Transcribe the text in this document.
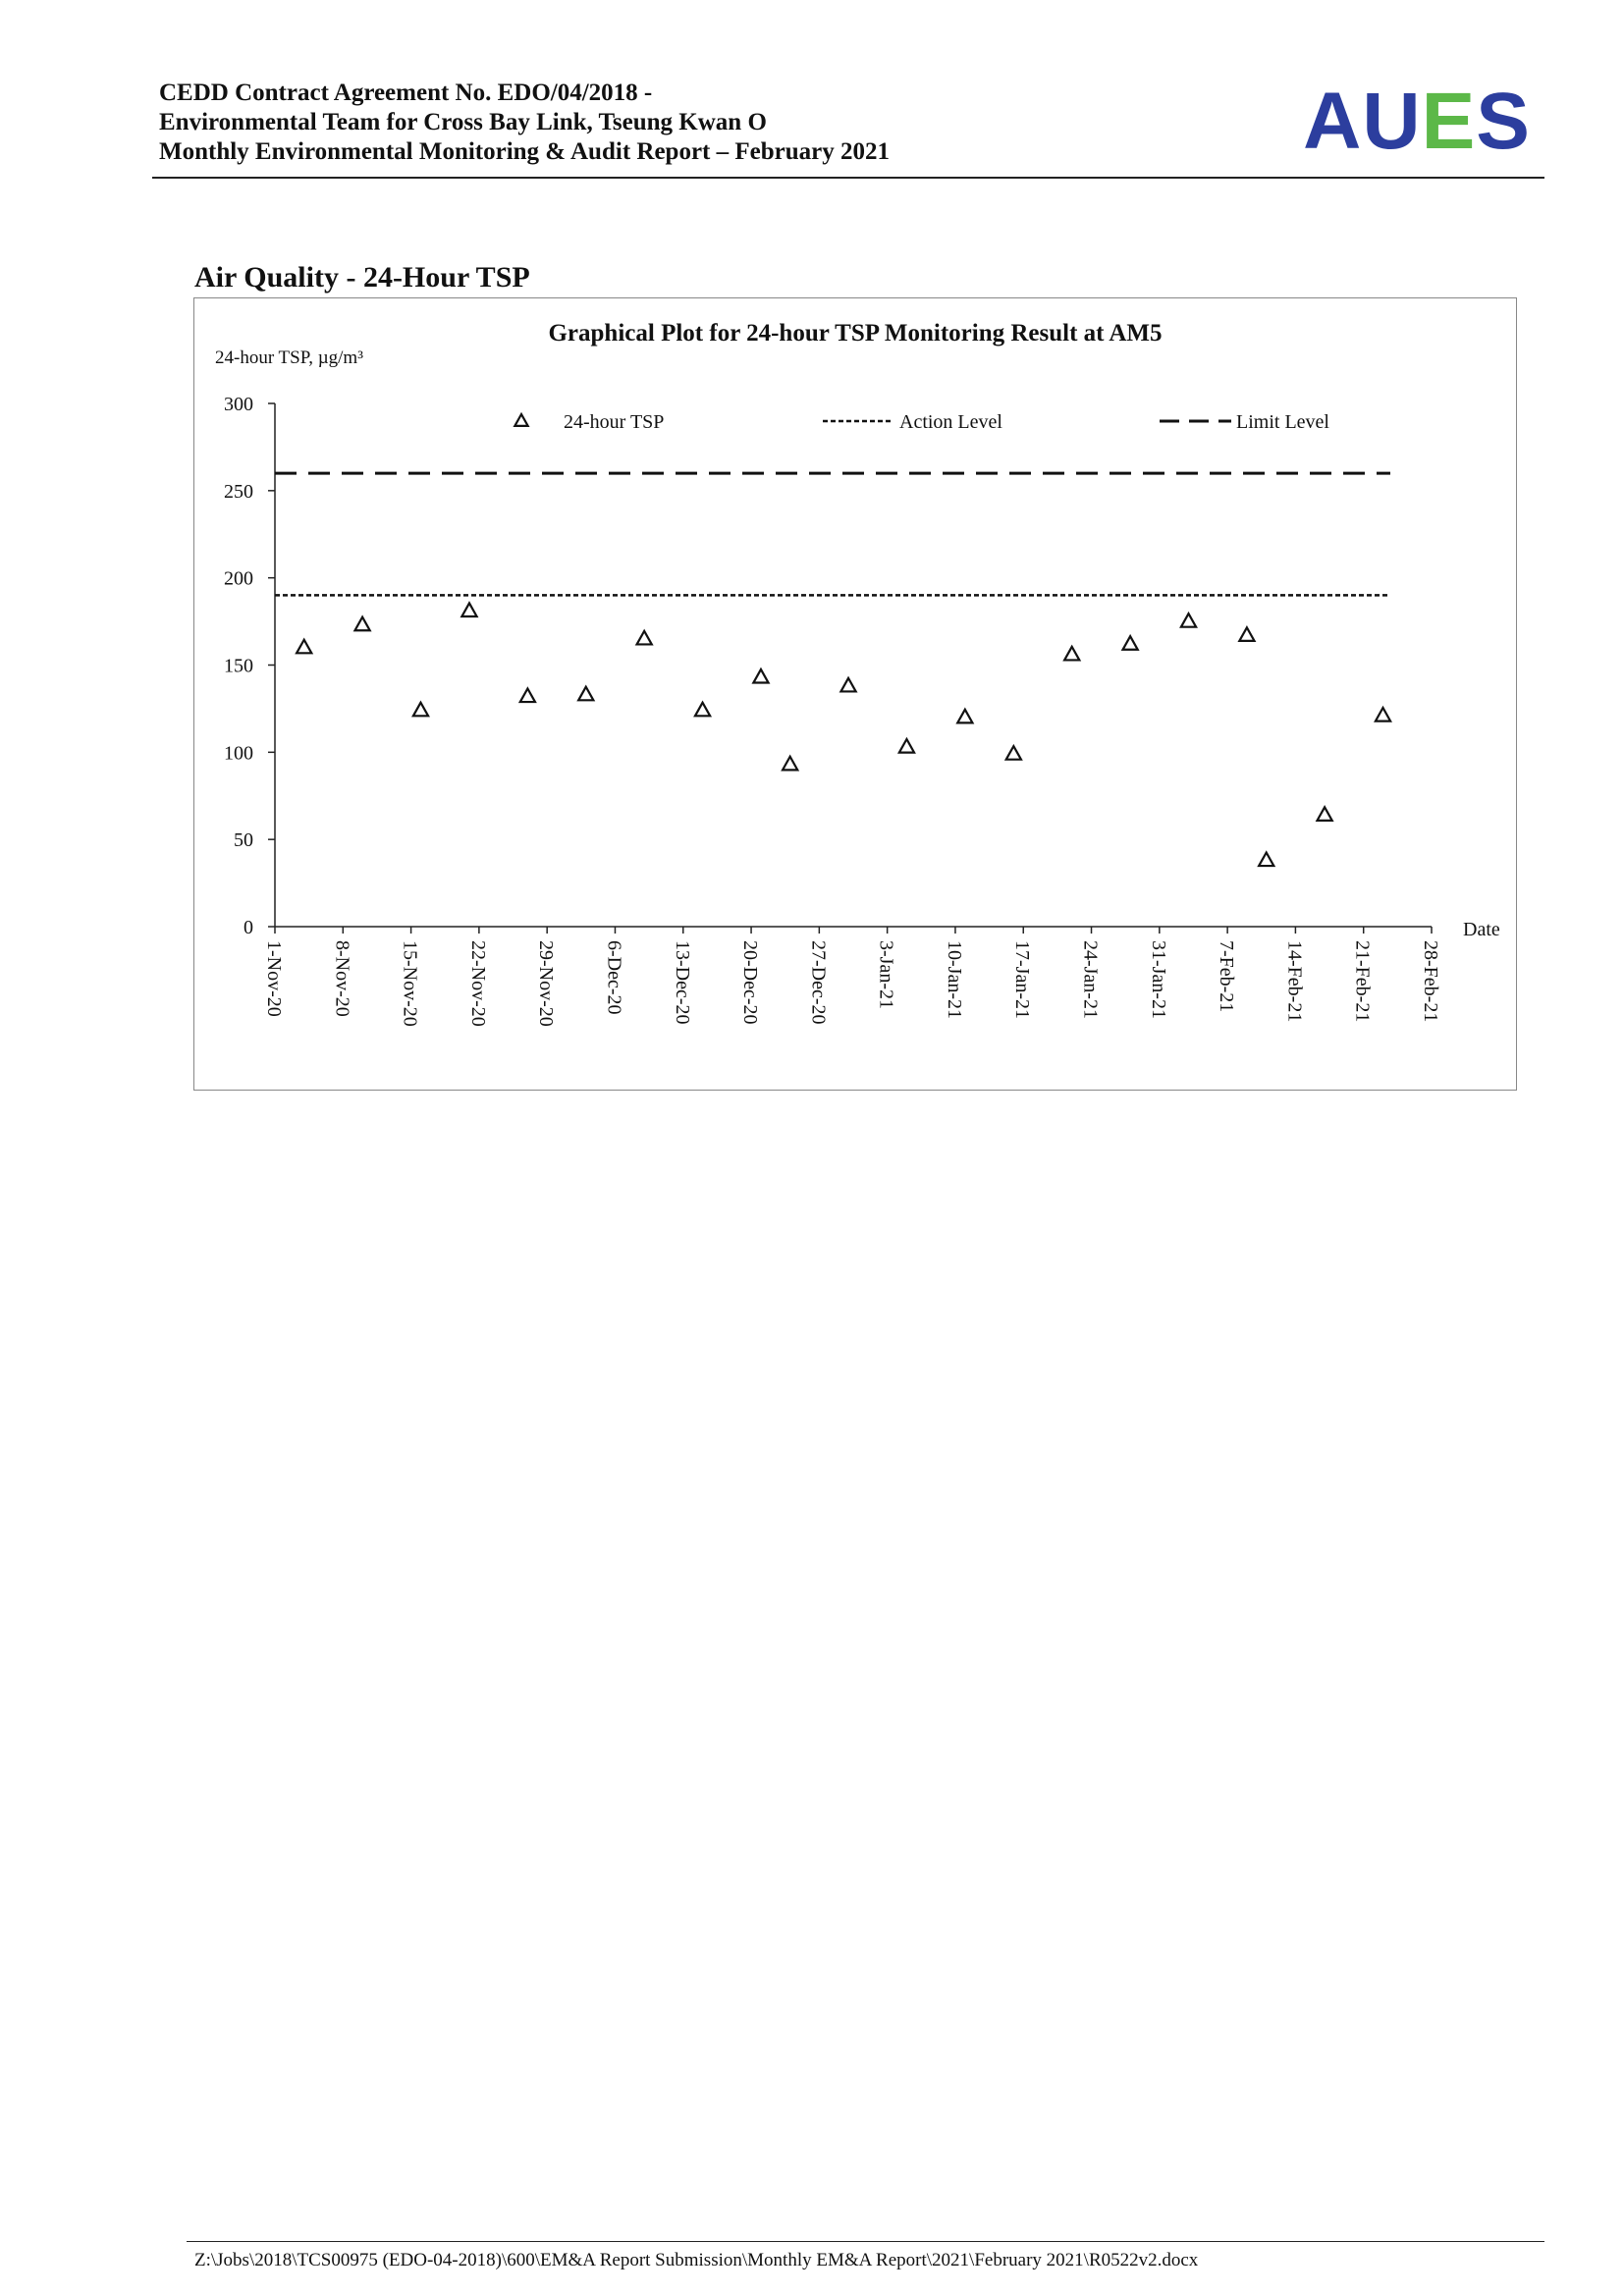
CEDD Contract Agreement No. EDO/04/2018 -
Environmental Team for Cross Bay Link, Tseung Kwan O
Monthly Environmental Monitoring & Audit Report – February 2021	AUES
Air Quality - 24-Hour TSP
Graphical Plot for 24-hour TSP Monitoring Result at AM5
24-hour TSP, µg/m³
0
50
100
150
200
250
300
1-Nov-20 8-Nov-20 15-Nov-20 22-Nov-20 29-Nov-20 6-Dec-20 13-Dec-20 20-Dec-20 27-Dec-20 3-Jan-21 10-Jan-21 17-Jan-21 24-Jan-21 31-Jan-21 7-Feb-21 14-Feb-21 21-Feb-21 28-Feb-21
Date
24-hour TSP	Action Level	Limit Level
Z:\Jobs\2018\TCS00975 (EDO-04-2018)\600\EM&A Report Submission\Monthly EM&A Report\2021\February 2021\R0522v2.docx
